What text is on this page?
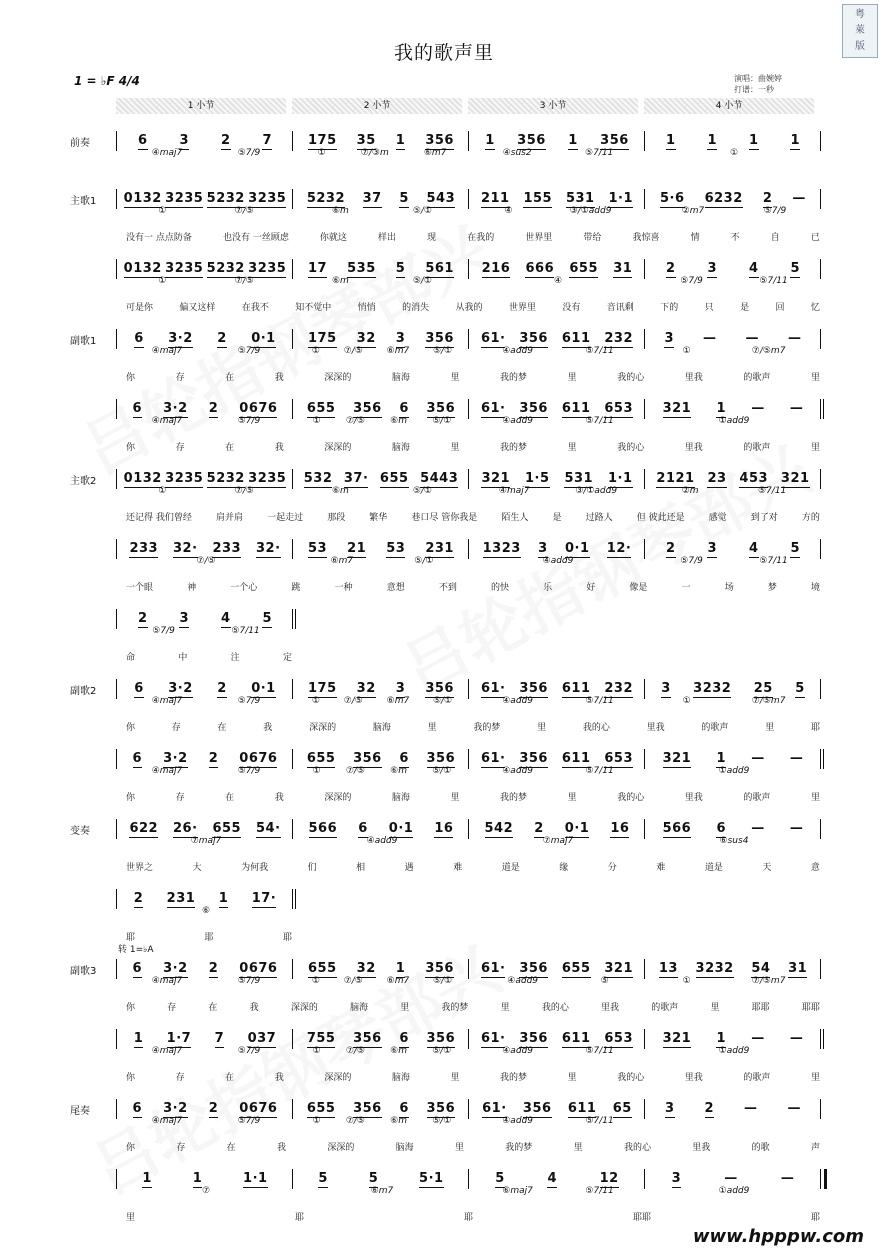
粤
萊
版
我的歌声里
1 = ♭F 4/4	演唱：曲婉婷
打谱：一秒
1 小节	2 小节	3 小节	4 小节
转 1=♭A
前奏	6 3 2 7
④maj7	⑤7/9
175 35 1 356
①	⑦/③m	⑥m7
1 356 1 356
④sus2	⑤7/11
1 1 1 1
①
主歌1 0132 3235 5232 3235
①	⑦/⑤
5232 37 5 543
⑥m	⑤/①
211 155 531 1·1
④	③/①add9
5·6 6232 2 —
②m7	⑤7/9
没有一 点点防备	也没有 一丝顾虑	你就这	样出	现	在我的	世界里	带给	我惊喜	情	不	自	已
0132 3235 5232 3235
①	⑦/⑤
17 535 5 561
⑥m	⑤/①
216 666 655 31
④
2 3 4 5
⑤7/9	⑤7/11
可是你	偏又这样	在我不	知不觉中	悄悄	的消失	从我的	世界里	没有	音讯剩	下的	只	是	回	忆
副歌1	6 3·2 2 0·1
④maj7	⑤7/9
175 32 3 356
①	⑦/⑤	⑥m7	⑤/①
61· 356 611 232
④add9	⑤7/11
3 — — —
①	⑦/⑤m7
你	存	在	我	深深的	脑海	里	我的梦	里	我的心	里我	的歌声	里
6 3·2 2 0676
④maj7	⑤7/9
655 356 6 356
①	⑦/⑤	⑥m	⑤/①
61· 356 611 653
④add9	⑤7/11
321 1 — —
①add9
你	存	在	我	深深的	脑海	里	我的梦	里	我的心	里我	的歌声	里
主歌2 0132 3235 5232 3235
①	⑦/⑤
532 37· 655 5443
⑥m	⑤/①
321 1·5 531 1·1
④maj7	③/①add9
2121 23 453 321
②m	⑤7/11
还记得 我们曾经	肩并肩	一起走过	那段	繁华	巷口尽 管你我是	陌生人	是	过路人	但 彼此还是	感觉	到了对	方的
233 32· 233 32·
⑦/⑤
53 21 53 231
⑥m7	⑤/①
1323 3 0·1 12·
④add9
2 3 4 5
⑤7/9	⑤7/11
一个眼	神	一个心	跳	一种	意想	不到	的快	乐	好	像是	一	场	梦	境
2 3 4 5
⑤7/9	⑤7/11
命	中	注	定
副歌2	6 3·2 2 0·1
④maj7	⑤7/9
175 32 3 356
①	⑦/⑤	⑥m7	⑤/①
61· 356 611 232
④add9	⑤7/11
3 3232 25 5
①	⑦/⑤m7
你	存	在	我	深深的	脑海	里	我的梦	里	我的心	里我	的歌声	里	耶
6 3·2 2 0676
④maj7	⑤7/9
655 356 6 356
①	⑦/⑤	⑥m	⑤/①
61· 356 611 653
④add9	⑤7/11
321 1 — —
①add9
你	存	在	我	深深的	脑海	里	我的梦	里	我的心	里我	的歌声	里
变奏	622 26· 655 54·
⑦maj7
566 6 0·1 16
④add9
542 2 0·1 16
⑦maj7
566 6 — —
⑥sus4
世界之	大	为何我	们	相	遇	难	道是	缘	分	难	道是	天	意
2 231 1 17·
⑥
耶	耶	耶
副歌3	6 3·2 2 0676
④maj7	⑤7/9
655 32 1 356
①	⑦/⑤	⑥m7	⑤/①
61· 356 655 321
④add9	⑤
13 3232 54 31
①	⑦/⑤m7
你	存	在	我	深深的	脑海	里	我的梦	里	我的心	里我	的歌声	里	耶耶	耶耶
1 1·7 7 037
④maj7	⑤7/9
755 356 6 356
①	⑦/⑤	⑥m	⑤/①
61· 356 611 653
④add9	⑤7/11
321 1 — —
①add9
你	存	在	我	深深的	脑海	里	我的梦	里	我的心	里我	的歌声	里
尾奏	6 3·2 2 0676
④maj7	⑤7/9
655 356 6 356
①	⑦/⑤	⑥m	⑤/①
61· 356 611 65
④add9	⑤7/11
3 2 — —
你	存	在	我	深深的	脑海	里	我的梦	里	我的心	里我	的歌	声
1	1	1·1
⑦
5	5	5·1
⑥m7
5	4	12
⑥maj7	⑤7/11
3	—	—
①add9
里	耶	耶	耶耶	耶
www.hpppw.com
